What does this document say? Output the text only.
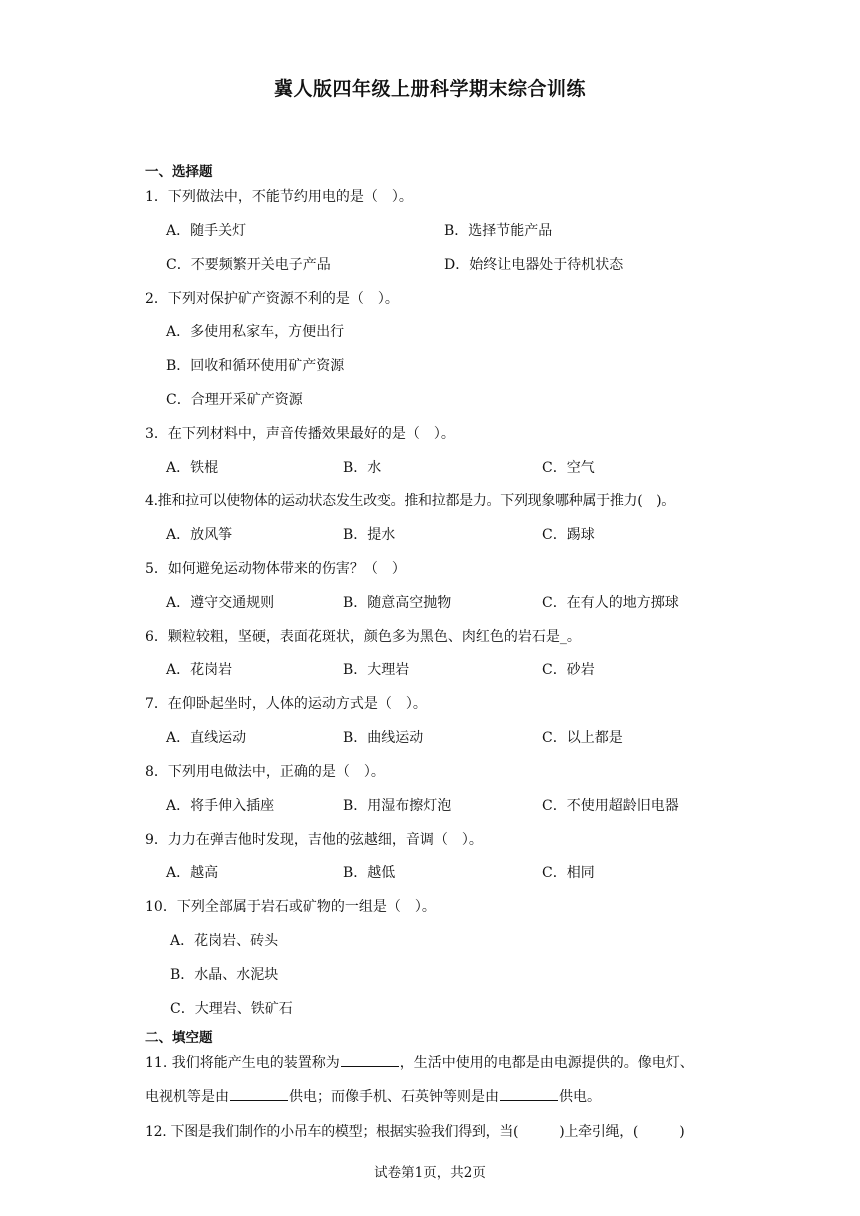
冀人版四年级上册科学期末综合训练
一、选择题
1．下列做法中，不能节约用电的是（　）。
A．随手关灯	B．选择节能产品
C．不要频繁开关电子产品	D．始终让电器处于待机状态
2．下列对保护矿产资源不利的是（　）。
A．多使用私家车，方便出行
B．回收和循环使用矿产资源
C．合理开采矿产资源
3．在下列材料中，声音传播效果最好的是（　）。
A．铁棍	B．水	C．空气
4.推和拉可以使物体的运动状态发生改变。推和拉都是力。下列现象哪种属于推力(　)。
A．放风筝	B．提水	C．踢球
5．如何避免运动物体带来的伤害？（　）
A．遵守交通规则	B．随意高空抛物	C．在有人的地方掷球
6．颗粒较粗，坚硬，表面花斑状，颜色多为黑色、肉红色的岩石是_。
A．花岗岩	B．大理岩	C．砂岩
7．在仰卧起坐时，人体的运动方式是（　）。
A．直线运动	B．曲线运动	C．以上都是
8．下列用电做法中，正确的是（　）。
A．将手伸入插座	B．用湿布擦灯泡	C．不使用超龄旧电器
9．力力在弹吉他时发现，吉他的弦越细，音调（　）。
A．越高	B．越低	C．相同
10．下列全部属于岩石或矿物的一组是（　）。
A．花岗岩、砖头
B．水晶、水泥块
C．大理岩、铁矿石
二、填空题
11. 我们将能产生电的装置称为	，生活中使用的电都是由电源提供的。像电灯、
电视机等是由	供电；而像手机、石英钟等则是由	供电。
12. 下图是我们制作的小吊车的模型；根据实验我们得到，当(　　　)上牵引绳，(　　　)
试卷第1页，共2页
